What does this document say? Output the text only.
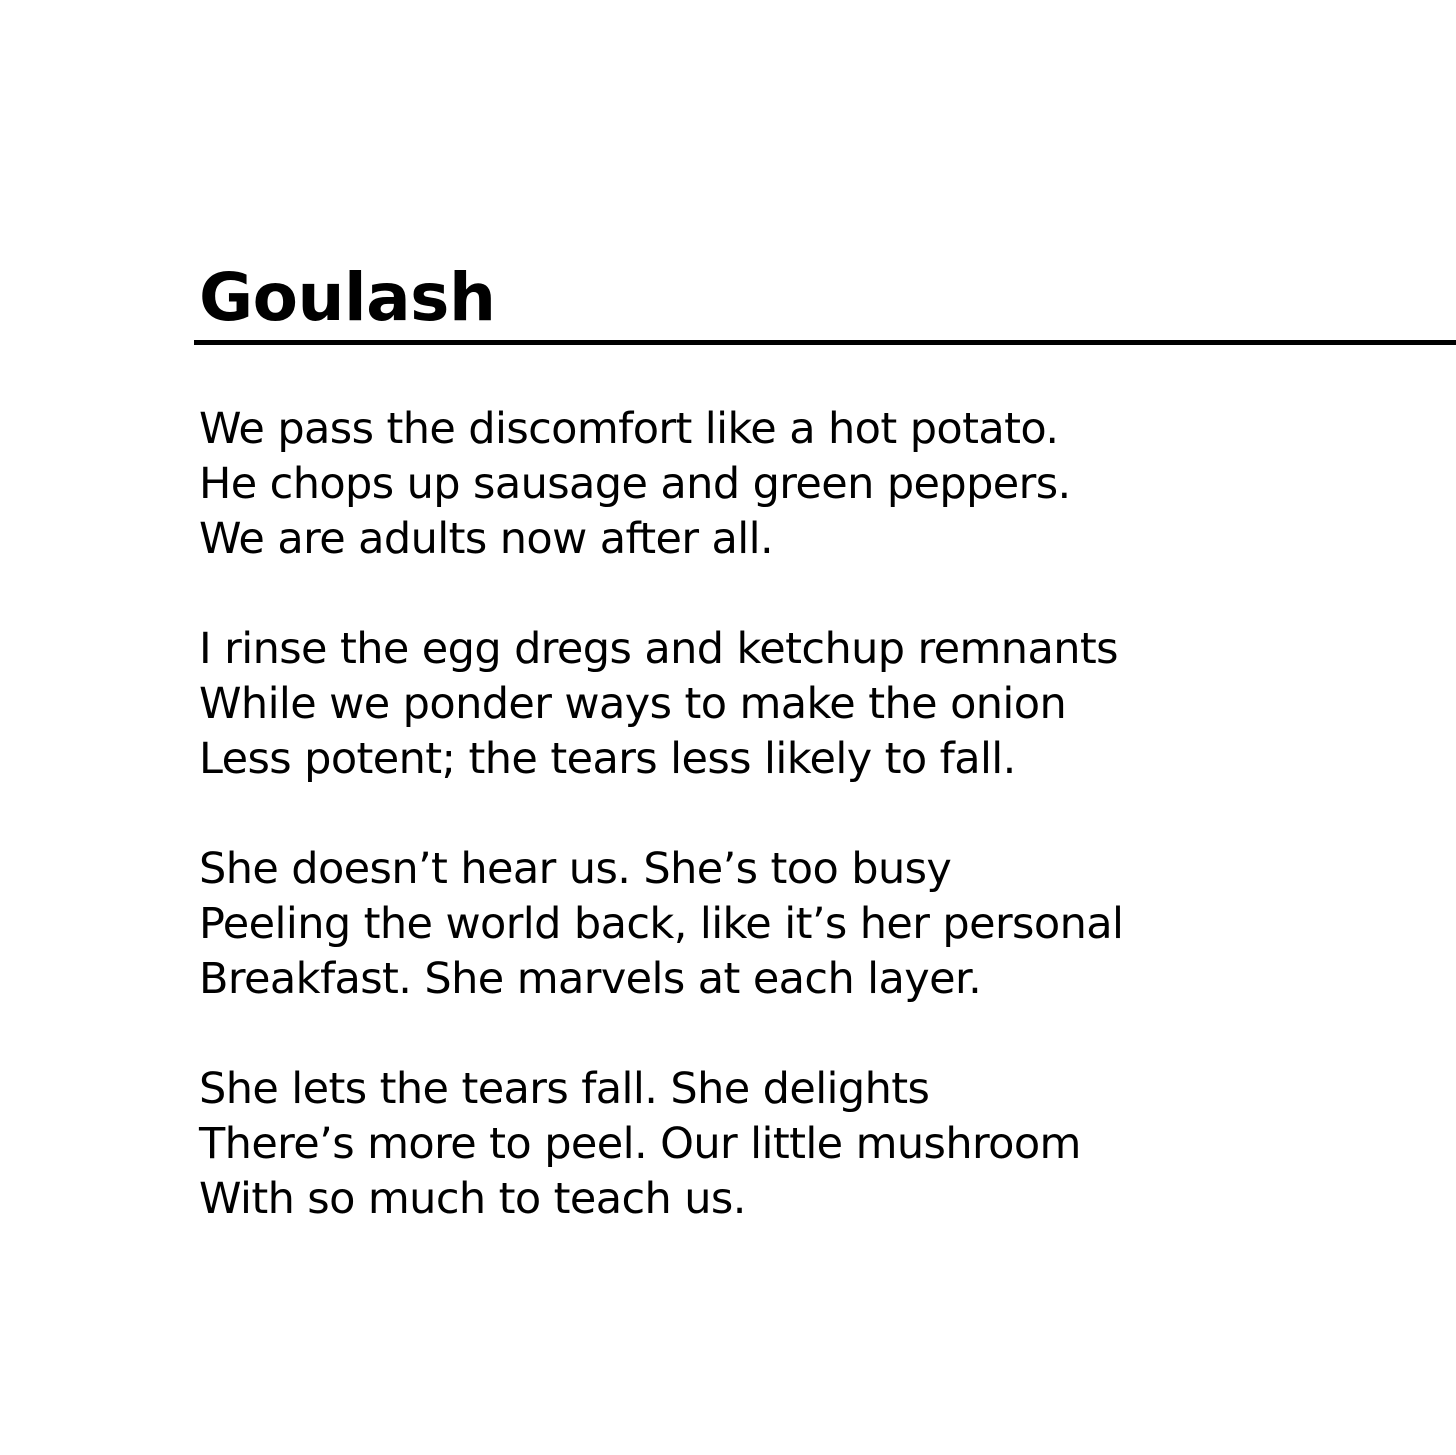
Goulash
We pass the discomfort like a hot potato.
He chops up sausage and green peppers.
We are adults now after all.
I rinse the egg dregs and ketchup remnants
While we ponder ways to make the onion
Less potent; the tears less likely to fall.
She doesn’t hear us. She’s too busy
Peeling the world back, like it’s her personal
Breakfast. She marvels at each layer.
She lets the tears fall. She delights
There’s more to peel. Our little mushroom
With so much to teach us.
